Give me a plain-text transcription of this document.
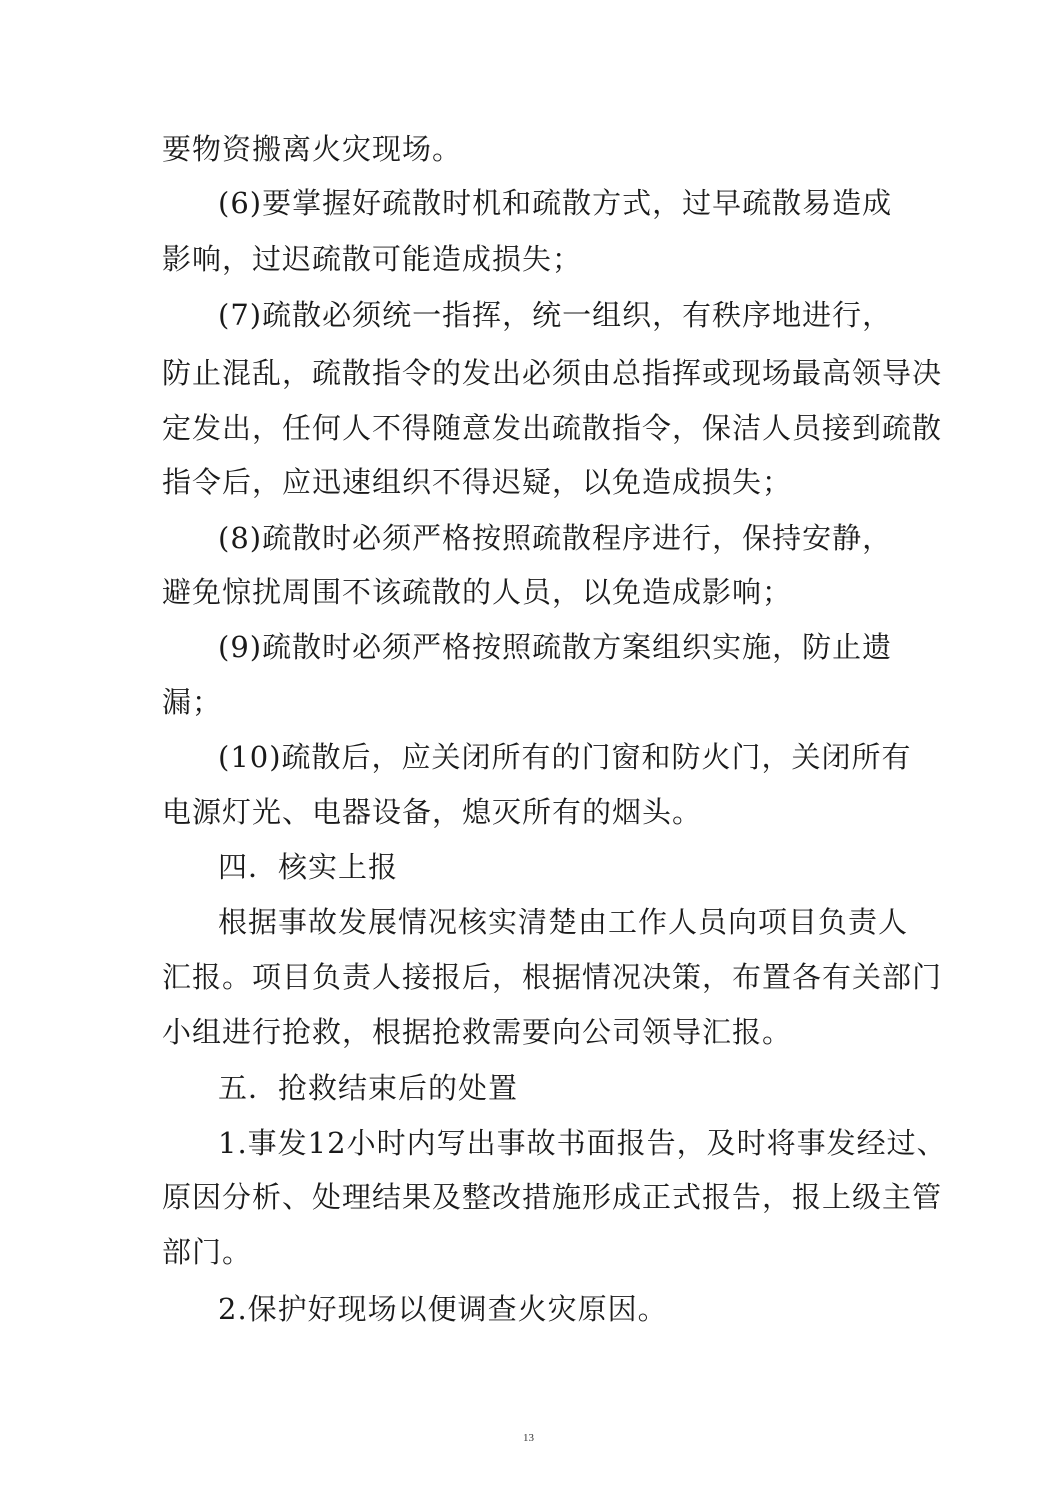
要物资搬离火灾现场。
(6)要掌握好疏散时机和疏散方式，过早疏散易造成
影响，过迟疏散可能造成损失；
(7)疏散必须统一指挥，统一组织，有秩序地进行，
防止混乱，疏散指令的发出必须由总指挥或现场最高领导决
定发出，任何人不得随意发出疏散指令，保洁人员接到疏散
指令后，应迅速组织不得迟疑，以免造成损失；
(8)疏散时必须严格按照疏散程序进行，保持安静，
避免惊扰周围不该疏散的人员，以免造成影响；
(9)疏散时必须严格按照疏散方案组织实施，防止遗
漏；
(10)疏散后，应关闭所有的门窗和防火门，关闭所有
电源灯光、电器设备，熄灭所有的烟头。
四．核实上报
根据事故发展情况核实清楚由工作人员向项目负责人
汇报。项目负责人接报后，根据情况决策，布置各有关部门
小组进行抢救，根据抢救需要向公司领导汇报。
五．抢救结束后的处置
1.事发12小时内写出事故书面报告，及时将事发经过、
原因分析、处理结果及整改措施形成正式报告，报上级主管
部门。
2.保护好现场以便调查火灾原因。
13
